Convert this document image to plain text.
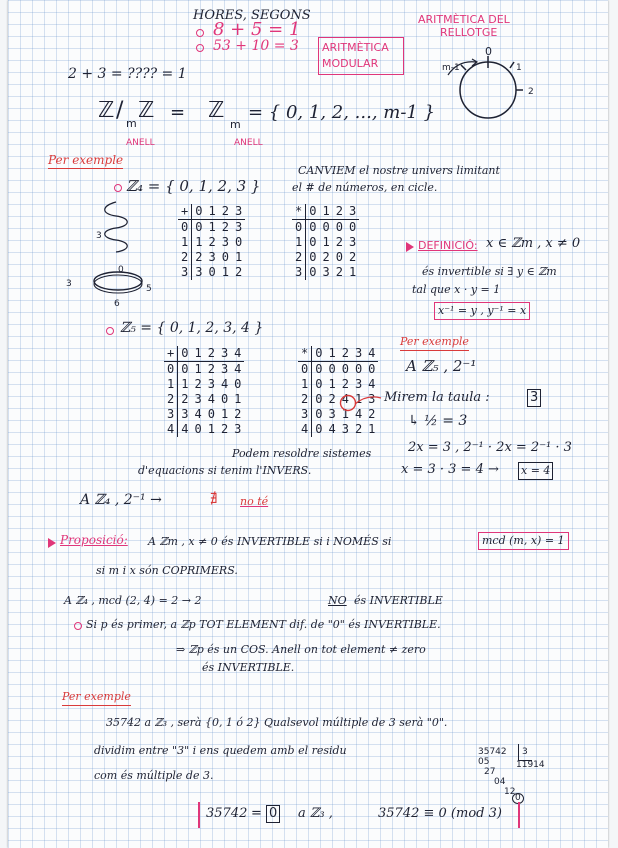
HORES, SEGONS
8 + 5 = 1
53 + 10 = 3 ARITMÈTICA
MODULAR
ARITMÈTICA DEL
RELLOTGE
0
1
2
m-1
2 + 3 = ???? = 1
ℤ /
m
ℤ
ANELL
= ℤ
m
ANELL
= { 0, 1, 2, ..., m-1 }
Per exemple
ℤ₄ = { 0, 1, 2, 3 }
CANVIEM el nostre univers limitant
el # de números, en cicle.
3
0
3	5
6
+	0	1	2	3
0	0	1	2	3
1	1	2	3	0
2	2	3	0	1
3	3	0	1	2
*	0	1	2	3
0	0	0	0	0
1	0	1	2	3
2	0	2	0	2
3	0	3	2	1
DEFINICIÓ: x ∈ ℤm , x ≠ 0
és invertible si ∃ y ∈ ℤm
tal que x · y = 1
x⁻¹ = y , y⁻¹ = x
ℤ₅ = { 0, 1, 2, 3, 4 }
+	0	1	2	3	4
0	0	1	2	3	4
1	1	2	3	4	0
2	2	3	4	0	1
3	3	4	0	1	2
4	4	0	1	2	3
*	0	1	2	3	4
0	0	0	0	0	0
1	0	1	2	3	4
2	0	2	4	1	3
3	0	3	1	4	2
4	0	4	3	2	1
Per exemple
A ℤ₅ , 2⁻¹
Mirem la taula :	3
↳ ½ = 3
Podem resoldre sistemes
d'equacions si tenim l'INVERS.
2x = 3 , 2⁻¹ · 2x = 2⁻¹ · 3
x = 3 · 3 = 4 → x = 4
A ℤ₄ , 2⁻¹ →	∄ no té
Proposició: A ℤm , x ≠ 0 és INVERTIBLE si i NOMÉS si	mcd (m, x) = 1
si m i x són COPRIMERS.
A ℤ₄ , mcd (2, 4) = 2 → 2	NO és INVERTIBLE
Si p és primer, a ℤp TOT ELEMENT dif. de "0" és INVERTIBLE.
⇒ ℤp és un COS. Anell on tot element ≠ zero
és INVERTIBLE.
Per exemple
35742 a ℤ₃ , serà {0, 1 ó 2} Qualsevol múltiple de 3 serà "0".
dividim entre "3" i ens quedem amb el residu
com és múltiple de 3.
35742	3
11914
05
27
04
12
0
35742 = 0 a ℤ₃ ,	35742 ≡ 0 (mod 3)
